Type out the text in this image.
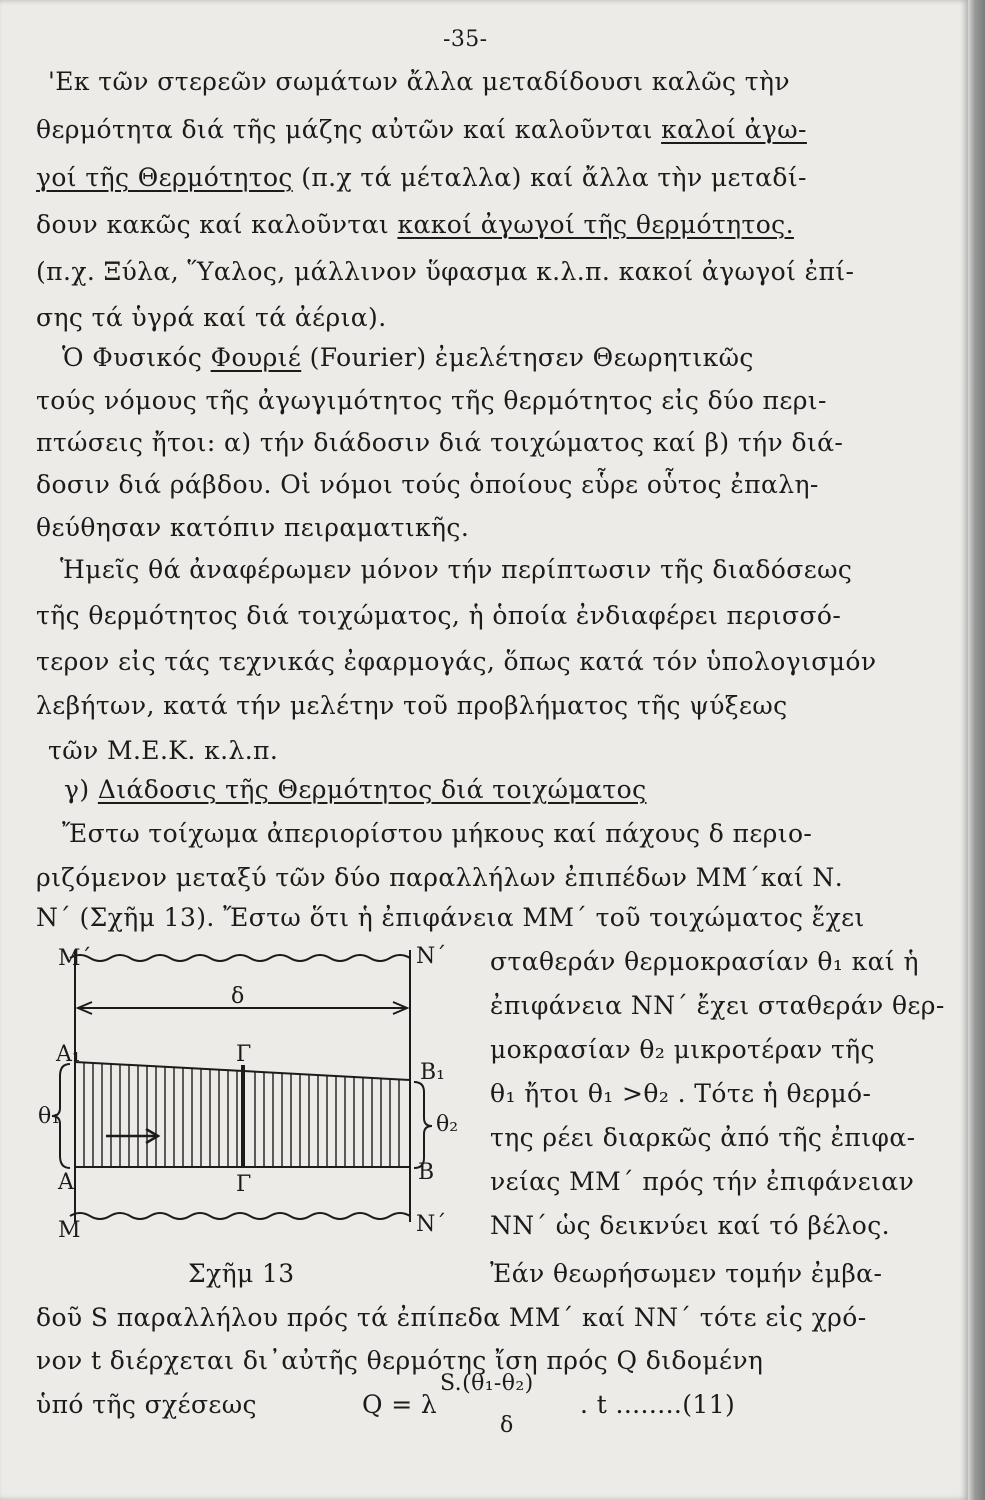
-35-
'Εκ τῶν στερεῶν σωμάτων ἄλλα μεταδίδουσι καλῶς τὴν
θερμότητα διά τῆς μάζης αὐτῶν καί καλοῦνται καλοί ἀγω-
γοί τῆς Θερμότητος (π.χ τά μέταλλα) καί ἄλλα τὴν μεταδί-
δουν κακῶς καί καλοῦνται κακοί ἀγωγοί τῆς θερμότητος.
(π.χ. Ξύλα, Ὕαλος, μάλλινον ὕφασμα κ.λ.π. κακοί ἀγωγοί ἐπί-
σης τά ὑγρά καί τά ἀέρια).
Ὁ Φυσικός Φουριέ (Fourier) ἐμελέτησεν Θεωρητικῶς
τούς νόμους τῆς ἀγωγιμότητος τῆς θερμότητος εἰς δύο περι-
πτώσεις ἤτοι: α) τήν διάδοσιν διά τοιχώματος καί β) τήν διά-
δοσιν διά ράβδου. Οἱ νόμοι τούς ὁποίους εὗρε οὗτος ἐπαλη-
θεύθησαν κατόπιν πειραματικῆς.
Ἡμεῖς θά ἀναφέρωμεν μόνον τήν περίπτωσιν τῆς διαδόσεως
τῆς θερμότητος διά τοιχώματος, ἡ ὁποία ἐνδιαφέρει περισσό-
τερον εἰς τάς τεχνικάς ἐφαρμογάς, ὅπως κατά τόν ὑπολογισμόν
λεβήτων, κατά τήν μελέτην τοῦ προβλήματος τῆς ψύξεως
τῶν Μ.Ε.Κ. κ.λ.π.
γ) Διάδοσις τῆς Θερμότητος διά τοιχώματος
Ἔστω τοίχωμα ἀπεριορίστου μήκους καί πάχους δ περιο-
ριζόμενον μεταξύ τῶν δύο παραλλήλων ἐπιπέδων ΜΜ΄καί Ν.
Ν΄ (Σχῆμ 13). Ἔστω ὅτι ἡ ἐπιφάνεια ΜΜ΄ τοῦ τοιχώματος ἔχει
σταθεράν θερμοκρασίαν θ₁ καί ἡ
ἐπιφάνεια ΝΝ΄ ἔχει σταθεράν θερ-
μοκρασίαν θ₂ μικροτέραν τῆς
θ₁ ἤτοι θ₁ >θ₂ . Τότε ἡ θερμό-
της ρέει διαρκῶς ἀπό τῆς ἐπιφα-
νείας ΜΜ΄ πρός τήν ἐπιφάνειαν
ΝΝ΄ ὡς δεικνύει καί τό βέλος.
Ἐάν θεωρήσωμεν τομήν ἐμβα-
Σχῆμ 13
δοῦ S παραλλήλου πρός τά ἐπίπεδα ΜΜ΄ καί ΝΝ΄ τότε εἰς χρό-
νον t διέρχεται δι᾽αὐτῆς θερμότης ἴση πρός Q διδομένη
ὑπό τῆς σχέσεως	Q = λ
S.(θ₁-θ₂)
δ
. t ........(11)
M΄	N΄
δ
A₁	Γ
B₁
θ₁	θ₂
A	Γ	B
M	N΄
